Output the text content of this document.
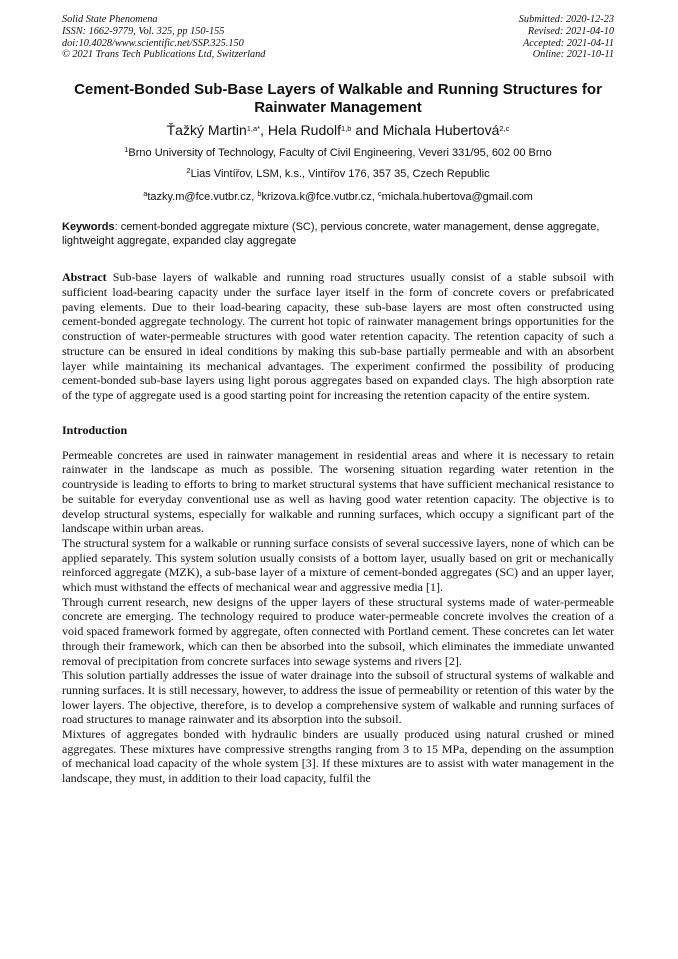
Solid State Phenomena
ISSN: 1662-9779, Vol. 325, pp 150-155
doi:10.4028/www.scientific.net/SSP.325.150
© 2021 Trans Tech Publications Ltd, Switzerland
Submitted: 2020-12-23
Revised: 2021-04-10
Accepted: 2021-04-11
Online: 2021-10-11
Cement-Bonded Sub-Base Layers of Walkable and Running Structures for Rainwater Management
Ťažký Martin$^{1,a*}$, Hela Rudolf$^{1,b}$ and Michala Hubertová$^{2,c}$
$^1$Brno University of Technology, Faculty of Civil Engineering, Veveri 331/95, 602 00 Brno
$^2$Lias Vintířov, LSM, k.s., Vintířov 176, 357 35, Czech Republic
$^a$tazky.m@fce.vutbr.cz, $^b$krizova.k@fce.vutbr.cz, $^c$michala.hubertova@gmail.com
Keywords: cement-bonded aggregate mixture (SC), pervious concrete, water management, dense aggregate, lightweight aggregate, expanded clay aggregate

Abstract Sub-base layers of walkable and running road structures usually consist of a stable subsoil with sufficient load-bearing capacity under the surface layer itself in the form of concrete covers or prefabricated paving elements. Due to their load-bearing capacity, these sub-base layers are most often constructed using cement-bonded aggregate technology. The current hot topic of rainwater management brings opportunities for the construction of water-permeable structures with good water retention capacity. The retention capacity of such a structure can be ensured in ideal conditions by making this sub-base partially permeable and with an absorbent layer while maintaining its mechanical advantages. The experiment confirmed the possibility of producing cement-bonded sub-base layers using light porous aggregates based on expanded clays. The high absorption rate of the type of aggregate used is a good starting point for increasing the retention capacity of the entire system.

Introduction

Permeable concretes are used in rainwater management in residential areas and where it is necessary to retain rainwater in the landscape as much as possible. The worsening situation regarding water retention in the countryside is leading to efforts to bring to market structural systems that have sufficient mechanical resistance to be suitable for everyday conventional use as well as having good water retention capacity. The objective is to develop structural systems, especially for walkable and running surfaces, which occupy a significant part of the landscape within urban areas.

The structural system for a walkable or running surface consists of several successive layers, none of which can be applied separately. This system solution usually consists of a bottom layer, usually based on grit or mechanically reinforced aggregate (MZK), a sub-base layer of a mixture of cement-bonded aggregates (SC) and an upper layer, which must withstand the effects of mechanical wear and aggressive media [1].

Through current research, new designs of the upper layers of these structural systems made of water-permeable concrete are emerging. The technology required to produce water-permeable concrete involves the creation of a void spaced framework formed by aggregate, often connected with Portland cement. These concretes can let water through their framework, which can then be absorbed into the subsoil, which eliminates the immediate unwanted removal of precipitation from concrete surfaces into sewage systems and rivers [2].

This solution partially addresses the issue of water drainage into the subsoil of structural systems of walkable and running surfaces. It is still necessary, however, to address the issue of permeability or retention of this water by the lower layers. The objective, therefore, is to develop a comprehensive system of walkable and running surfaces of road structures to manage rainwater and its absorption into the subsoil.

Mixtures of aggregates bonded with hydraulic binders are usually produced using natural crushed or mined aggregates. These mixtures have compressive strengths ranging from 3 to 15 MPa, depending on the assumption of mechanical load capacity of the whole system [3]. If these mixtures are to assist with water management in the landscape, they must, in addition to their load capacity, fulfil the
